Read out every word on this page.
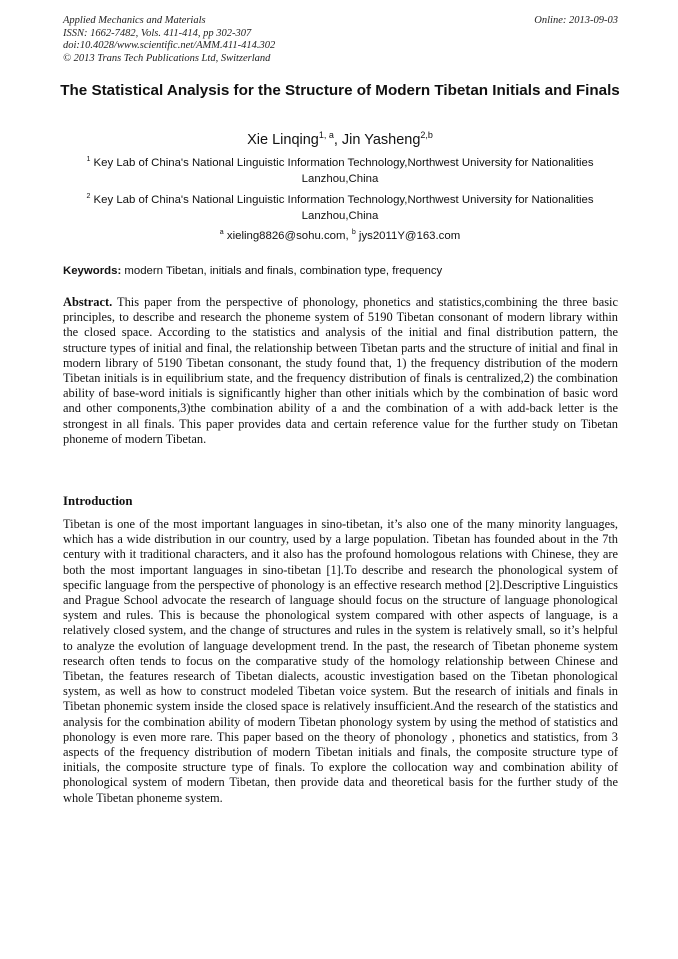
Applied Mechanics and Materials
ISSN: 1662-7482, Vols. 411-414, pp 302-307
doi:10.4028/www.scientific.net/AMM.411-414.302
© 2013 Trans Tech Publications Ltd, Switzerland
Online: 2013-09-03
The Statistical Analysis for the Structure of Modern Tibetan Initials and Finals
Xie Linqing$^{1, a}$, Jin Yasheng$^{2,b}$
$^1$ Key Lab of China's National Linguistic Information Technology,Northwest University for Nationalities Lanzhou,China
$^2$ Key Lab of China's National Linguistic Information Technology,Northwest University for Nationalities Lanzhou,China
$^a$ xieling8826@sohu.com, $^b$ jys2011Y@163.com
Keywords: modern Tibetan, initials and finals, combination type, frequency
Abstract. This paper from the perspective of phonology, phonetics and statistics,combining the three basic principles, to describe and research the phoneme system of 5190 Tibetan consonant of modern library within the closed space. According to the statistics and analysis of the initial and final distribution pattern, the structure types of initial and final, the relationship between Tibetan parts and the structure of initial and final in modern library of 5190 Tibetan consonant, the study found that, 1) the frequency distribution of the modern Tibetan initials is in equilibrium state, and the frequency distribution of finals is centralized,2) the combination ability of base-word initials is significantly higher than other initials which by the combination of basic word and other components,3)the combination ability of a and the combination of a with add-back letter is the strongest in all finals. This paper provides data and certain reference value for the further study on Tibetan phoneme of modern Tibetan.
Introduction
Tibetan is one of the most important languages in sino-tibetan, it’s also one of the many minority languages, which has a wide distribution in our country, used by a large population. Tibetan has founded about in the 7th century with it traditional characters, and it also has the profound homologous relations with Chinese, they are both the most important languages in sino-tibetan [1].To describe and research the phonological system of specific language from the perspective of phonology is an effective research method [2].Descriptive Linguistics and Prague School advocate the research of language should focus on the structure of language phonological system and rules. This is because the phonological system compared with other aspects of language, is a relatively closed system, and the change of structures and rules in the system is relatively small, so it’s helpful to analyze the evolution of language development trend. In the past, the research of Tibetan phoneme system research often tends to focus on the comparative study of the homology relationship between Chinese and Tibetan, the features research of Tibetan dialects, acoustic investigation based on the Tibetan phonological system, as well as how to construct modeled Tibetan voice system. But the research of initials and finals in Tibetan phonemic system inside the closed space is relatively insufficient.And the research of the statistics and analysis for the combination ability of modern Tibetan phonology system by using the method of statistics and phonology is even more rare. This paper based on the theory of phonology , phonetics and statistics, from 3 aspects of the frequency distribution of modern Tibetan initials and finals, the composite structure type of initials, the composite structure type of finals. To explore the collocation way and combination ability of phonological system of modern Tibetan, then provide data and theoretical basis for the further study of the whole Tibetan phoneme system.
